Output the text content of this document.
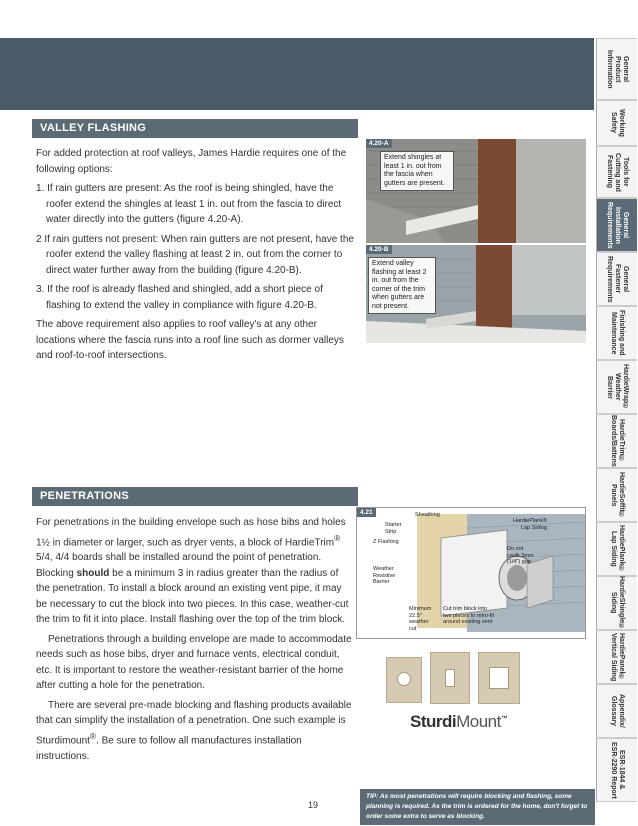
General
Product
Information
Working
Safety
Tools for
Cutting and
Fastening
General
Installation
Requirements
General
Fastener
Requirements
Finishing and
Maintenance
HardieWrap®
Weather Barrier
HardieTrim®
Boards/Battens
HardieSoffit®
Panels
HardiePlank®
Lap Siding
HardieShingle®
Siding
HardiePanel®
Vertical Siding
Appendix/
Glossary
ESR-1844 &
ESR-2290 Report
VALLEY FLASHING

For added protection at roof valleys, James Hardie requires one of the following options:

1. If rain gutters are present: As the roof is being shingled, have the roofer extend the shingles at least 1 in. out from the fascia to direct water directly into the gutters (figure 4.20-A).

2 If rain gutters not present: When rain gutters are not present, have the roofer extend the valley flashing at least 2 in. out from the corner to direct water further away from the building (figure 4.20-B).

3. If the roof is already flashed and shingled, add a short piece of flashing to extend the valley in compliance with figure 4.20-B.

The above requirement also applies to roof valley's at any other locations where the fascia runs into a roof line such as dormer valleys and roof-to-roof intersections.

4.20-A
Extend shingles at least 1 in. out from the fascia when gutters are present.
4.20-B
Extend valley flashing at least 2 in. out from the corner of the trim when gutters are not present.
PENETRATIONS

For penetrations in the building envelope such as hose bibs and holes 1½ in diameter or larger, such as dryer vents, a block of HardieTrim® 5/4, 4/4 boards shall be installed around the point of penetration. Blocking should be a minimum 3 in radius greater than the radius of the penetration. To install a block around an existing vent pipe, it may be necessary to cut the block into two pieces. In this case, weather-cut the trim to fit it into place. Install flashing over the top of the trim block.

Penetrations through a building envelope are made to accommodate needs such as hose bibs, dryer and furnace vents, electrical conduit, etc. It is important to restore the weather-resistant barrier of the home after cutting a hole for the penetration.

There are several pre-made blocking and flashing products available that can simplify the installation of a penetration. One such example is Sturdimount®. Be sure to follow all manufactures installation instructions.

4.21	Sheathing
Starter
Strip
Z Flashing
Weather
Resistive
Barrier
HardiePlank®
Lap Siding
Do not
caulk 3mm
(1/4") gap
Minimum
22.5°
weather
cut
Cut trim block into
two pieces to retro-fit
around existing vent
SturdiMount™
TIP: As most penetrations will require blocking and flashing, some planning is required. As the trim is ordered for the home, don't forget to order some extra to serve as blocking.
19
